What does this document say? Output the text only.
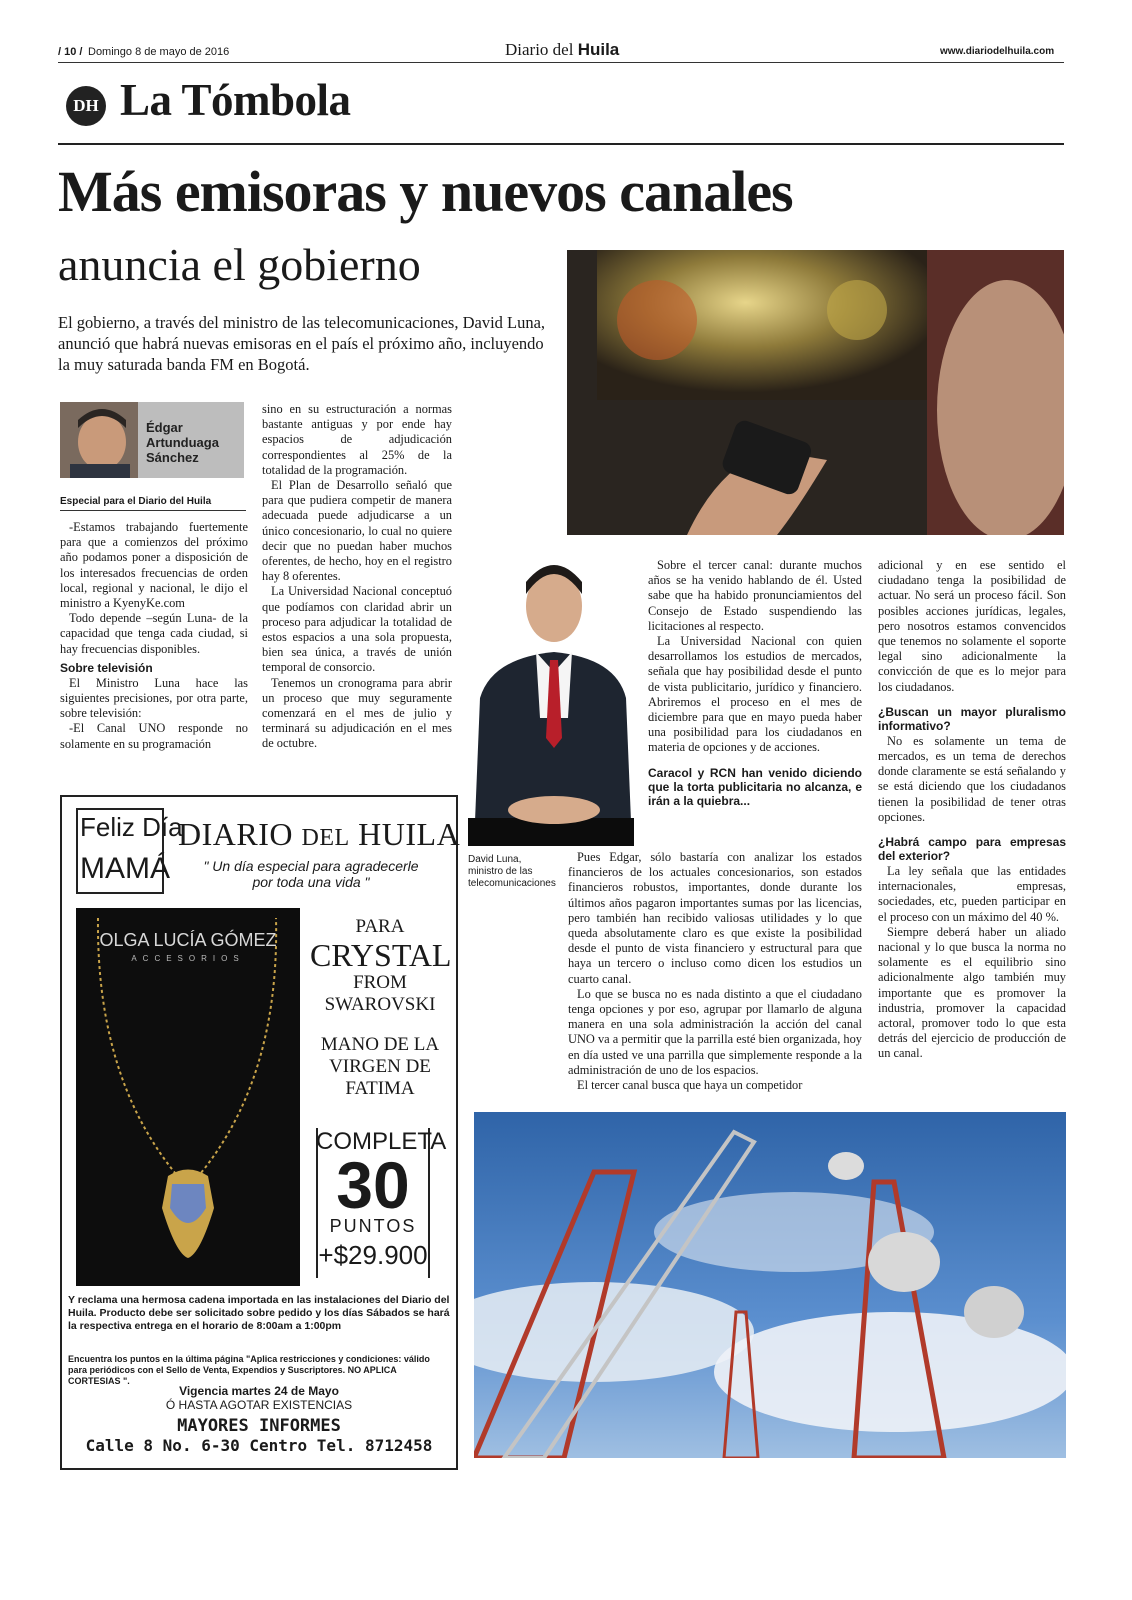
/ 10 / Domingo 8 de mayo de 2016	Diario del Huila	www.diariodelhuila.com
DH La Tómbola
Más emisoras y nuevos canales
anuncia el gobierno
El gobierno, a través del ministro de las telecomunicaciones, David Luna, anunció que habrá nuevas emisoras en el país el próximo año, incluyendo la muy saturada banda FM en Bogotá.
Édgar Artunduaga Sánchez
Especial para el Diario del Huila

-Estamos trabajando fuertemente para que a comienzos del próximo año podamos poner a disposición de los interesados frecuencias de orden local, regional y nacional, le dijo el ministro a KyenyKe.com

Todo depende –según Luna- de la capacidad que tenga cada ciudad, si hay frecuencias disponibles.

Sobre televisión

El Ministro Luna hace las siguientes precisiones, por otra parte, sobre televisión:

-El Canal UNO responde no solamente en su programación

sino en su estructuración a normas bastante antiguas y por ende hay espacios de adjudicación correspondientes al 25% de la totalidad de la programación.

El Plan de Desarrollo señaló que para que pudiera competir de manera adecuada puede adjudicarse a un único concesionario, lo cual no quiere decir que no puedan haber muchos oferentes, de hecho, hoy en el registro hay 8 oferentes.

La Universidad Nacional conceptuó que podíamos con claridad abrir un proceso para adjudicar la totalidad de estos espacios a una sola propuesta, bien sea única, a través de unión temporal de consorcio.

Tenemos un cronograma para abrir un proceso que muy seguramente comenzará en el mes de julio y terminará su adjudicación en el mes de octubre.

David Luna, ministro de las telecomunicaciones

Sobre el tercer canal: durante muchos años se ha venido hablando de él. Usted sabe que ha habido pronunciamientos del Consejo de Estado suspendiendo las licitaciones al respecto.

La Universidad Nacional con quien desarrollamos los estudios de mercados, señala que hay posibilidad desde el punto de vista publicitario, jurídico y financiero. Abriremos el proceso en el mes de diciembre para que en mayo pueda haber una posibilidad para los ciudadanos en materia de opciones y de acciones.

Caracol y RCN han venido diciendo que la torta publicitaria no alcanza, e irán a la quiebra...

Pues Edgar, sólo bastaría con analizar los estados financieros de los actuales concesionarios, son estados financieros robustos, importantes, donde durante los últimos años pagaron importantes sumas por las licencias, pero también han recibido valiosas utilidades y lo que queda absolutamente claro es que existe la posibilidad desde el punto de vista financiero y estructural para que haya un tercero o incluso como dicen los estudios un cuarto canal.

Lo que se busca no es nada distinto a que el ciudadano tenga opciones y por eso, agrupar por llamarlo de alguna manera en una sola administración la acción del canal UNO va a permitir que la parrilla esté bien organizada, hoy en día usted ve una parrilla que simplemente responde a la administración de uno de los espacios.

El tercer canal busca que haya un competidor

adicional y en ese sentido el ciudadano tenga la posibilidad de actuar. No será un proceso fácil. Son posibles acciones jurídicas, legales, pero nosotros estamos convencidos que tenemos no solamente el soporte legal sino adicionalmente la convicción de que es lo mejor para los ciudadanos.

¿Buscan un mayor pluralismo informativo?

No es solamente un tema de mercados, es un tema de derechos donde claramente se está señalando y se está diciendo que los ciudadanos tienen la posibilidad de tener otras opciones.

¿Habrá campo para empresas del exterior?

La ley señala que las entidades internacionales, empresas, sociedades, etc, pueden participar en el proceso con un máximo del 40 %.

Siempre deberá haber un aliado nacional y lo que busca la norma no solamente es el equilibrio sino adicionalmente algo también muy importante que es promover la industria, promover la capacidad actoral, promover todo lo que esta detrás del ejercicio de producción de un canal.

Feliz Día
MAMÁ
DIARIO DEL HUILA
" Un día especial para agradecerle por toda una vida "
OLGA LUCÍA GÓMEZ
ACCESORIOS
PARA
CRYSTAL
FROM
SWAROVSKI
MANO DE LA VIRGEN DE FATIMA
COMPLETA
30
PUNTOS
+$29.900
Y reclama una hermosa cadena importada en las instalaciones del Diario del Huila. Producto debe ser solicitado sobre pedido y los días Sábados se hará la respectiva entrega en el horario de 8:00am a 1:00pm
Encuentra los puntos en la última página "Aplica restricciones y condiciones: válido para periódicos con el Sello de Venta, Expendios y Suscriptores. NO APLICA CORTESIAS ".
Vigencia martes 24 de Mayo
Ó HASTA AGOTAR EXISTENCIAS
MAYORES INFORMES
Calle 8 No. 6-30 Centro Tel. 8712458
